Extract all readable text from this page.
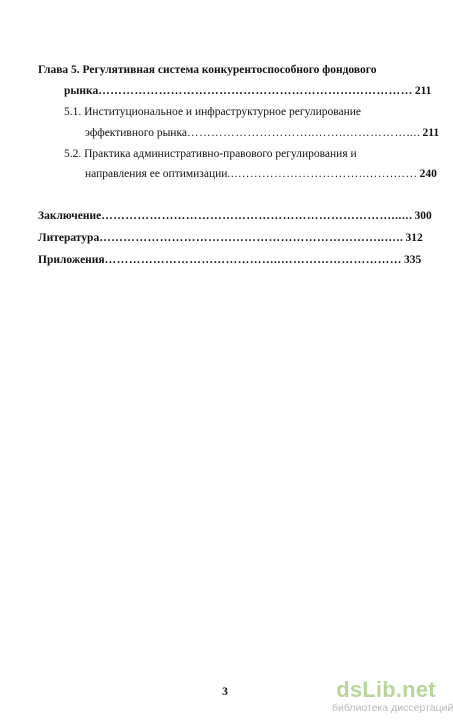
Глава 5. Регулятивная система конкурентоспособного фондового
рынка …………………………………………………………………… 211
5.1. Институциональное и инфраструктурное регулирование
эффективного рынка …………………………..……..…………….... 211
5.2. Практика административно-правового регулирования и
направления ее оптимизации ...…………………………..…….…… 240
Заключение ………………………………………………………………...... 300
Литература ……………………………………………………………..….. 312
Приложения ……………………………………..………………………… 335
3	dsLib.net
библиотека диссертаций
